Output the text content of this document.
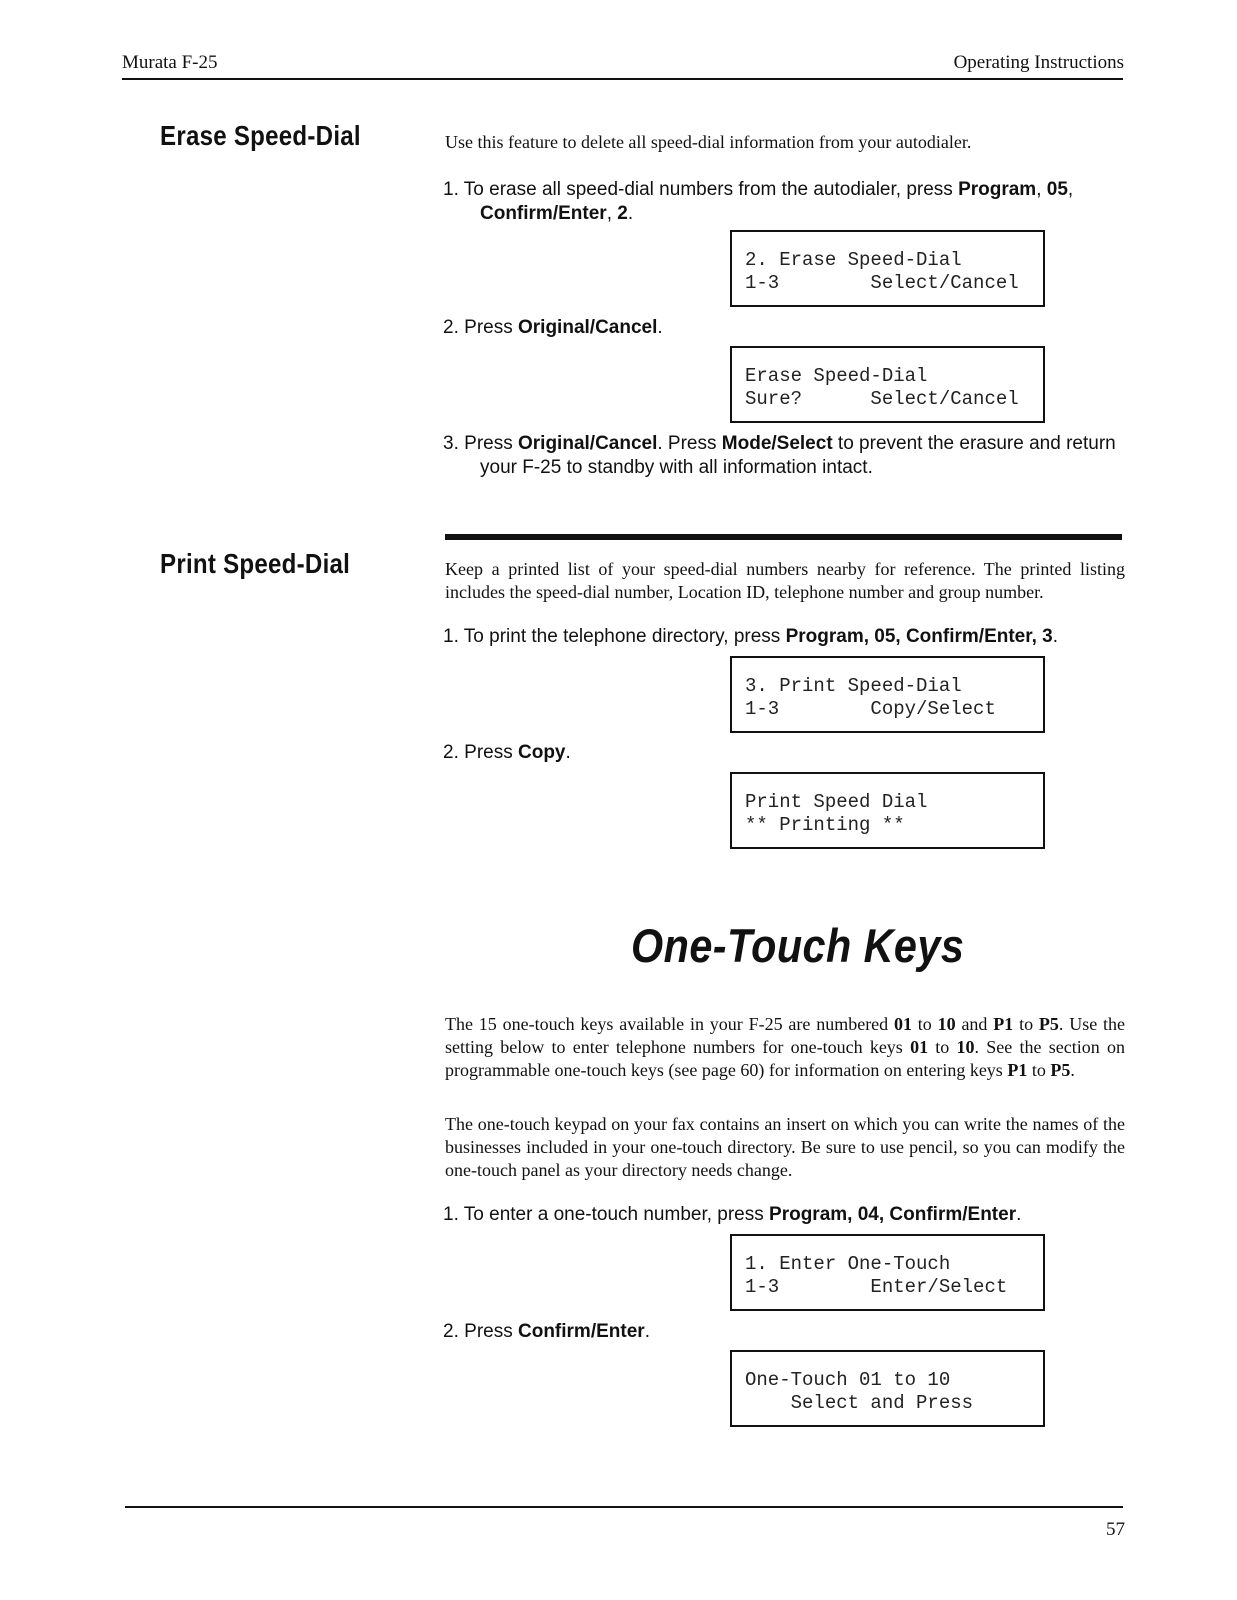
Murata F-25	Operating Instructions
Erase Speed-Dial	Use this feature to delete all speed-dial information from your autodialer.
1. To erase all speed-dial numbers from the autodialer, press Program, 05, Confirm/Enter, 2.
2. Erase Speed-Dial
1-3        Select/Cancel
2. Press Original/Cancel.
Erase Speed-Dial
Sure?      Select/Cancel
3. Press Original/Cancel. Press Mode/Select to prevent the erasure and return your F-25 to standby with all information intact.
Print Speed-Dial	Keep a printed list of your speed-dial numbers nearby for reference. The printed listing includes the speed-dial number, Location ID, telephone number and group number.
1. To print the telephone directory, press Program, 05, Confirm/Enter, 3.
3. Print Speed-Dial
1-3        Copy/Select
2. Press Copy.
Print Speed Dial
** Printing **
One-Touch Keys
The 15 one-touch keys available in your F-25 are numbered 01 to 10 and P1 to P5. Use the setting below to enter telephone numbers for one-touch keys 01 to 10. See the section on programmable one-touch keys (see page 60) for information on entering keys P1 to P5.
The one-touch keypad on your fax contains an insert on which you can write the names of the businesses included in your one-touch directory. Be sure to use pencil, so you can modify the one-touch panel as your directory needs change.
1. To enter a one-touch number, press Program, 04, Confirm/Enter.
1. Enter One-Touch
1-3        Enter/Select
2. Press Confirm/Enter.
One-Touch 01 to 10
Select and Press
57
